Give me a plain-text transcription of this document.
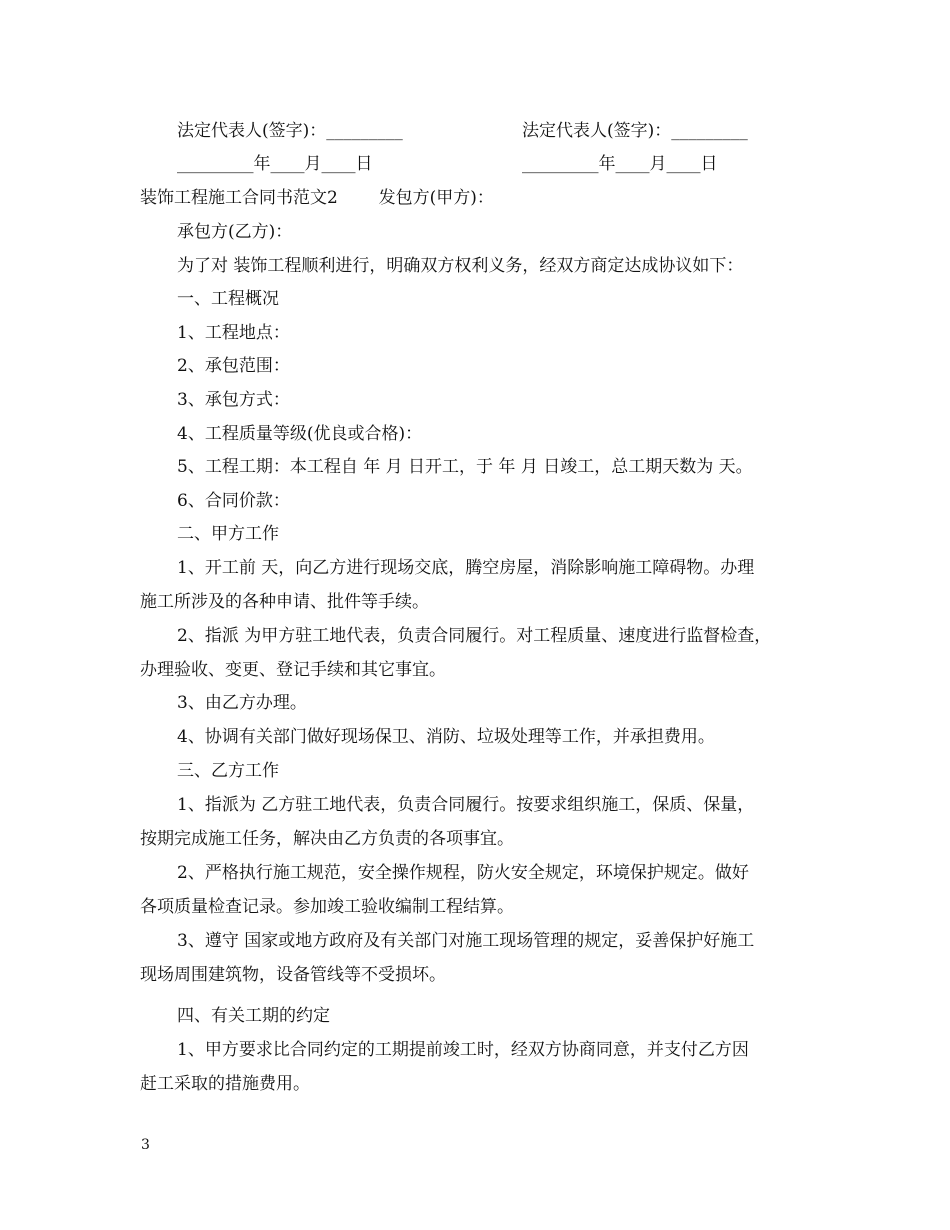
法定代表人(签字)：_________	法定代表人(签字)：_________
_________年____月____日	_________年____月____日
装饰工程施工合同书范文2 发包方(甲方)：
承包方(乙方)：
为了对 装饰工程顺利进行，明确双方权利义务，经双方商定达成协议如下：
一、工程概况
1、工程地点：
2、承包范围：
3、承包方式：
4、工程质量等级(优良或合格)：
5、工程工期：本工程自 年 月 日开工，于 年 月 日竣工，总工期天数为 天。
6、合同价款：
二、甲方工作
1、开工前 天，向乙方进行现场交底，腾空房屋，消除影响施工障碍物。办理
施工所涉及的各种申请、批件等手续。
2、指派 为甲方驻工地代表，负责合同履行。对工程质量、速度进行监督检查，
办理验收、变更、登记手续和其它事宜。
3、由乙方办理。
4、协调有关部门做好现场保卫、消防、垃圾处理等工作，并承担费用。
三、乙方工作
1、指派为 乙方驻工地代表，负责合同履行。按要求组织施工，保质、保量，
按期完成施工任务，解决由乙方负责的各项事宜。
2、严格执行施工规范，安全操作规程，防火安全规定，环境保护规定。做好
各项质量检查记录。参加竣工验收编制工程结算。
3、遵守 国家或地方政府及有关部门对施工现场管理的规定，妥善保护好施工
现场周围建筑物，设备管线等不受损坏。
四、有关工期的约定
1、甲方要求比合同约定的工期提前竣工时，经双方协商同意，并支付乙方因
赶工采取的措施费用。
3
